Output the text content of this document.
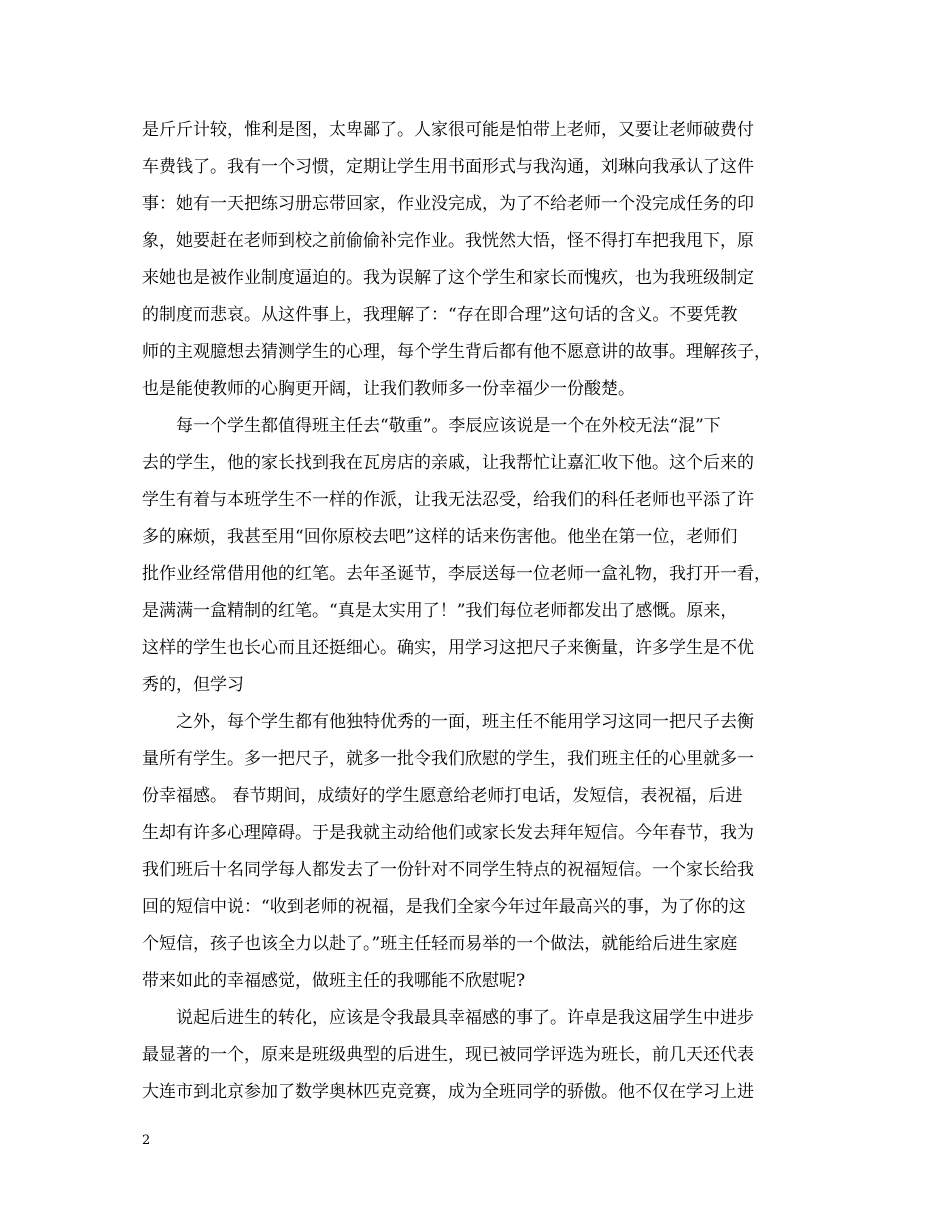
是斤斤计较，惟利是图，太卑鄙了。人家很可能是怕带上老师，又要让老师破费付
车费钱了。我有一个习惯，定期让学生用书面形式与我沟通，刘琳向我承认了这件
事：她有一天把练习册忘带回家，作业没完成，为了不给老师一个没完成任务的印
象，她要赶在老师到校之前偷偷补完作业。我恍然大悟，怪不得打车把我甩下，原
来她也是被作业制度逼迫的。我为误解了这个学生和家长而愧疚，也为我班级制定
的制度而悲哀。从这件事上，我理解了：“存在即合理”这句话的含义。不要凭教
师的主观臆想去猜测学生的心理，每个学生背后都有他不愿意讲的故事。理解孩子，
也是能使教师的心胸更开阔，让我们教师多一份幸福少一份酸楚。
　　每一个学生都值得班主任去“敬重”。李辰应该说是一个在外校无法“混”下
去的学生，他的家长找到我在瓦房店的亲戚，让我帮忙让嘉汇收下他。这个后来的
学生有着与本班学生不一样的作派，让我无法忍受，给我们的科任老师也平添了许
多的麻烦，我甚至用“回你原校去吧”这样的话来伤害他。他坐在第一位，老师们
批作业经常借用他的红笔。去年圣诞节，李辰送每一位老师一盒礼物，我打开一看，
是满满一盒精制的红笔。“真是太实用了！”我们每位老师都发出了感慨。原来，
这样的学生也长心而且还挺细心。确实，用学习这把尺子来衡量，许多学生是不优
秀的，但学习
　　之外，每个学生都有他独特优秀的一面，班主任不能用学习这同一把尺子去衡
量所有学生。多一把尺子，就多一批令我们欣慰的学生，我们班主任的心里就多一
份幸福感。 春节期间，成绩好的学生愿意给老师打电话，发短信，表祝福，后进
生却有许多心理障碍。于是我就主动给他们或家长发去拜年短信。今年春节，我为
我们班后十名同学每人都发去了一份针对不同学生特点的祝福短信。一个家长给我
回的短信中说：“收到老师的祝福，是我们全家今年过年最高兴的事，为了你的这
个短信，孩子也该全力以赴了。”班主任轻而易举的一个做法，就能给后进生家庭
带来如此的幸福感觉，做班主任的我哪能不欣慰呢?
　　说起后进生的转化，应该是令我最具幸福感的事了。许卓是我这届学生中进步
最显著的一个，原来是班级典型的后进生，现已被同学评选为班长，前几天还代表
大连市到北京参加了数学奥林匹克竞赛，成为全班同学的骄傲。他不仅在学习上进
2
